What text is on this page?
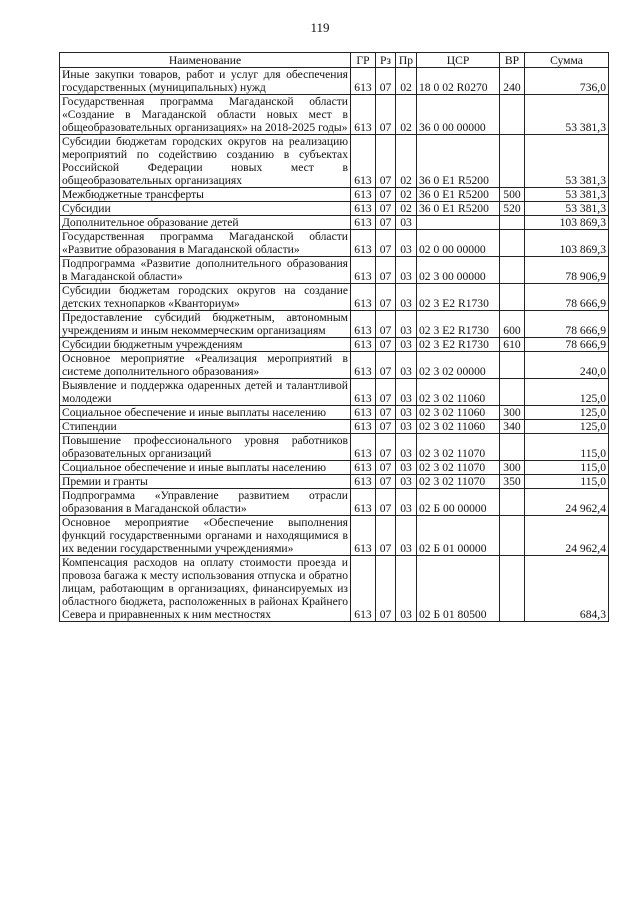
119
Наименование	ГР	Рз	Пр	ЦСР	ВР	Сумма
Иные закупки товаров, работ и услуг для обеспечения государственных (муниципальных) нужд	613	07	02	18 0 02 R0270	240	736,0
Государственная программа Магаданской области «Создание в Магаданской области новых мест в общеобразовательных организациях» на 2018-2025 годы»	613	07	02	36 0 00 00000		53 381,3
Субсидии бюджетам городских округов на реализацию мероприятий по содействию созданию в субъектах Российской Федерации новых мест в общеобразовательных организациях	613	07	02	36 0 E1 R5200		53 381,3
Межбюджетные трансферты	613	07	02	36 0 E1 R5200	500	53 381,3
Субсидии	613	07	02	36 0 E1 R5200	520	53 381,3
Дополнительное образование детей	613	07	03			103 869,3
Государственная программа Магаданской области «Развитие образования в Магаданской области»	613	07	03	02 0 00 00000		103 869,3
Подпрограмма «Развитие дополнительного образования в Магаданской области»	613	07	03	02 3 00 00000		78 906,9
Субсидии бюджетам городских округов на создание детских технопарков «Кванториум»	613	07	03	02 3 E2 R1730		78 666,9
Предоставление субсидий бюджетным, автономным учреждениям и иным некоммерческим организациям	613	07	03	02 3 E2 R1730	600	78 666,9
Субсидии бюджетным учреждениям	613	07	03	02 3 E2 R1730	610	78 666,9
Основное мероприятие «Реализация мероприятий в системе дополнительного образования»	613	07	03	02 3 02 00000		240,0
Выявление и поддержка одаренных детей и талантливой молодежи	613	07	03	02 3 02 11060		125,0
Социальное обеспечение и иные выплаты населению	613	07	03	02 3 02 11060	300	125,0
Стипендии	613	07	03	02 3 02 11060	340	125,0
Повышение профессионального уровня работников образовательных организаций	613	07	03	02 3 02 11070		115,0
Социальное обеспечение и иные выплаты населению	613	07	03	02 3 02 11070	300	115,0
Премии и гранты	613	07	03	02 3 02 11070	350	115,0
Подпрограмма «Управление развитием отрасли образования в Магаданской области»	613	07	03	02 Б 00 00000		24 962,4
Основное мероприятие «Обеспечение выполнения функций государственными органами и находящимися в их ведении государственными учреждениями»	613	07	03	02 Б 01 00000		24 962,4
Компенсация расходов на оплату стоимости проезда и провоза багажа к месту использования отпуска и обратно лицам, работающим в организациях, финансируемых из областного бюджета, расположенных в районах Крайнего Севера и приравненных к ним местностях	613	07	03	02 Б 01 80500		684,3
